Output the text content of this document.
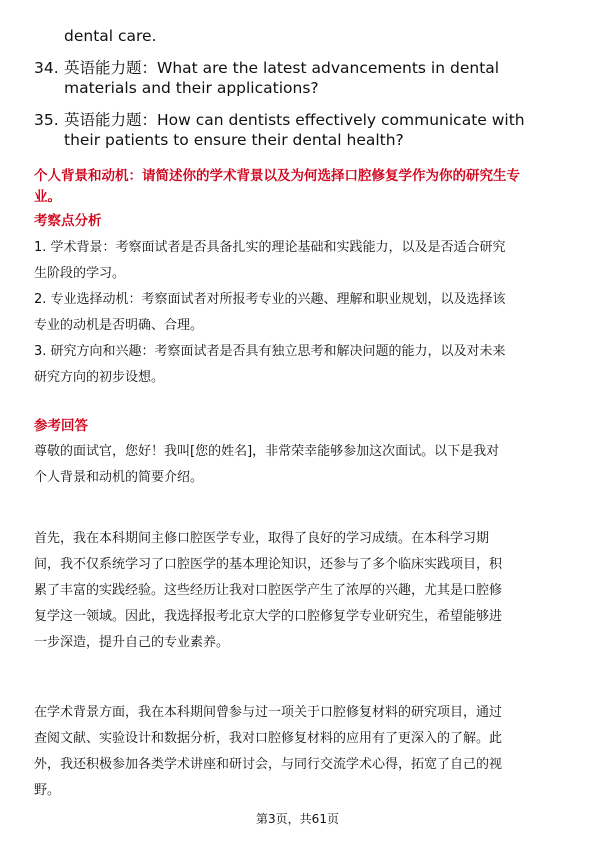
dental care.
34. 英语能力题：What are the latest advancements in dental
materials and their applications?
35. 英语能力题：How can dentists effectively communicate with
their patients to ensure their dental health?
个人背景和动机：请简述你的学术背景以及为何选择口腔修复学作为你的研究生专
业。
考察点分析

1. 学术背景：考察面试者是否具备扎实的理论基础和实践能力，以及是否适合研究

生阶段的学习。

2. 专业选择动机：考察面试者对所报考专业的兴趣、理解和职业规划，以及选择该

专业的动机是否明确、合理。

3. 研究方向和兴趣：考察面试者是否具有独立思考和解决问题的能力，以及对未来

研究方向的初步设想。

参考回答

尊敬的面试官，您好！我叫[您的姓名]，非常荣幸能够参加这次面试。以下是我对

个人背景和动机的简要介绍。

首先，我在本科期间主修口腔医学专业，取得了良好的学习成绩。在本科学习期

间，我不仅系统学习了口腔医学的基本理论知识，还参与了多个临床实践项目，积

累了丰富的实践经验。这些经历让我对口腔医学产生了浓厚的兴趣，尤其是口腔修

复学这一领域。因此，我选择报考北京大学的口腔修复学专业研究生，希望能够进

一步深造，提升自己的专业素养。

在学术背景方面，我在本科期间曾参与过一项关于口腔修复材料的研究项目，通过

查阅文献、实验设计和数据分析，我对口腔修复材料的应用有了更深入的了解。此

外，我还积极参加各类学术讲座和研讨会，与同行交流学术心得，拓宽了自己的视

野。

第3页，共61页
